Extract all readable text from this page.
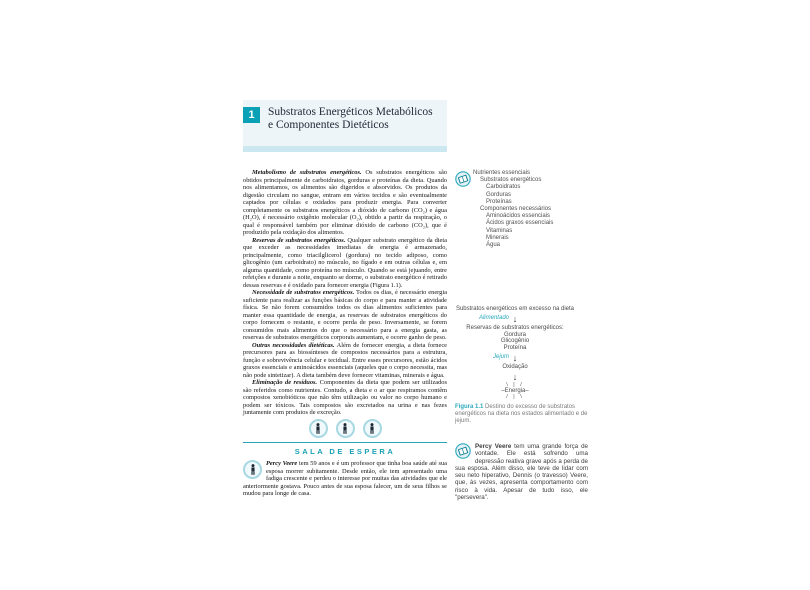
1	Substratos Energéticos Metabólicos e Componentes Dietéticos

Metabolismo de substratos energéticos. Os substratos energéticos são obtidos principalmente de carboidratos, gorduras e proteínas da dieta. Quando nos alimentamos, os alimentos são digeridos e absorvidos. Os produtos da digestão circulam no sangue, entram em vários tecidos e são eventualmente captados por células e oxidados para produzir energia. Para converter completamente os substratos energéticos a dióxido de carbono (CO₂) e água (H₂O), é necessário oxigênio molecular (O₂), obtido a partir da respiração, o qual é responsável também por eliminar dióxido de carbono (CO₂), que é produzido pela oxidação dos alimentos.

Reservas de substratos energéticos. Qualquer substrato energético da dieta que exceder as necessidades imediatas de energia é armazenado, principalmente, como triacilglicerol (gordura) no tecido adiposo, como glicogênio (um carboidrato) no músculo, no fígado e em outras células e, em alguma quantidade, como proteína no músculo. Quando se está jejuando, entre refeições e durante a noite, enquanto se dorme, o substrato energético é retirado dessas reservas e é oxidado para fornecer energia (Figura 1.1).

Necessidade de substratos energéticos. Todos os dias, é necessário energia suficiente para realizar as funções básicas do corpo e para manter a atividade física. Se não forem consumidos todos os dias alimentos suficientes para manter essa quantidade de energia, as reservas de substratos energéticos do corpo fornecem o restante, e ocorre perda de peso. Inversamente, se forem consumidos mais alimentos do que o necessário para a energia gasta, as reservas de substratos energéticos corporais aumentam, e ocorre ganho de peso.

Outras necessidades dietéticas. Além de fornecer energia, a dieta fornece precursores para as biossínteses de compostos necessários para a estrutura, função e sobrevivência celular e tecidual. Entre esses precursores, estão ácidos graxos essenciais e aminoácidos essenciais (aqueles que o corpo necessita, mas não pode sintetizar). A dieta também deve fornecer vitaminas, minerais e água.

Eliminação de resíduos. Componentes da dieta que podem ser utilizados são referidos como nutrientes. Contudo, a dieta e o ar que respiramos contêm compostos xenobióticos que não têm utilização ou valor no corpo humano e podem ser tóxicos. Tais compostos são excretados na urina e nas fezes juntamente com produtos de excreção.

SALA DE ESPERA
Percy Veere tem 59 anos e é um professor que tinha boa saúde até sua esposa morrer subitamente. Desde então, ele tem apresentado uma fadiga crescente e perdeu o interesse por muitas das atividades que ele anteriormente gostava. Pouco antes de sua esposa falecer, um de seus filhos se mudou para longe de casa.
Nutrientes essenciais
Substratos energéticos
Carboidratos
Gorduras
Proteínas
Componentes necessários
Aminoácidos essenciais
Ácidos graxos essenciais
Vitaminas
Minerais
Água
Substratos energéticos em excesso na dieta
Alimentado ↓
Reservas de substratos energéticos:
Gordura
Glicogênio
Proteína
Jejum ↓
Oxidação
↓
\ | /
–Energia–
/ | \
Figura 1.1 Destino do excesso de substratos energéticos na dieta nos estados alimentado e de jejum.
Percy Veere tem uma grande força de vontade. Ele está sofrendo uma depressão reativa grave após a perda de sua esposa. Além disso, ele teve de lidar com seu neto hiperativo, Dennis (o travesso) Veere, que, às vezes, apresenta comportamento com risco à vida. Apesar de tudo isso, ele "persevera".
